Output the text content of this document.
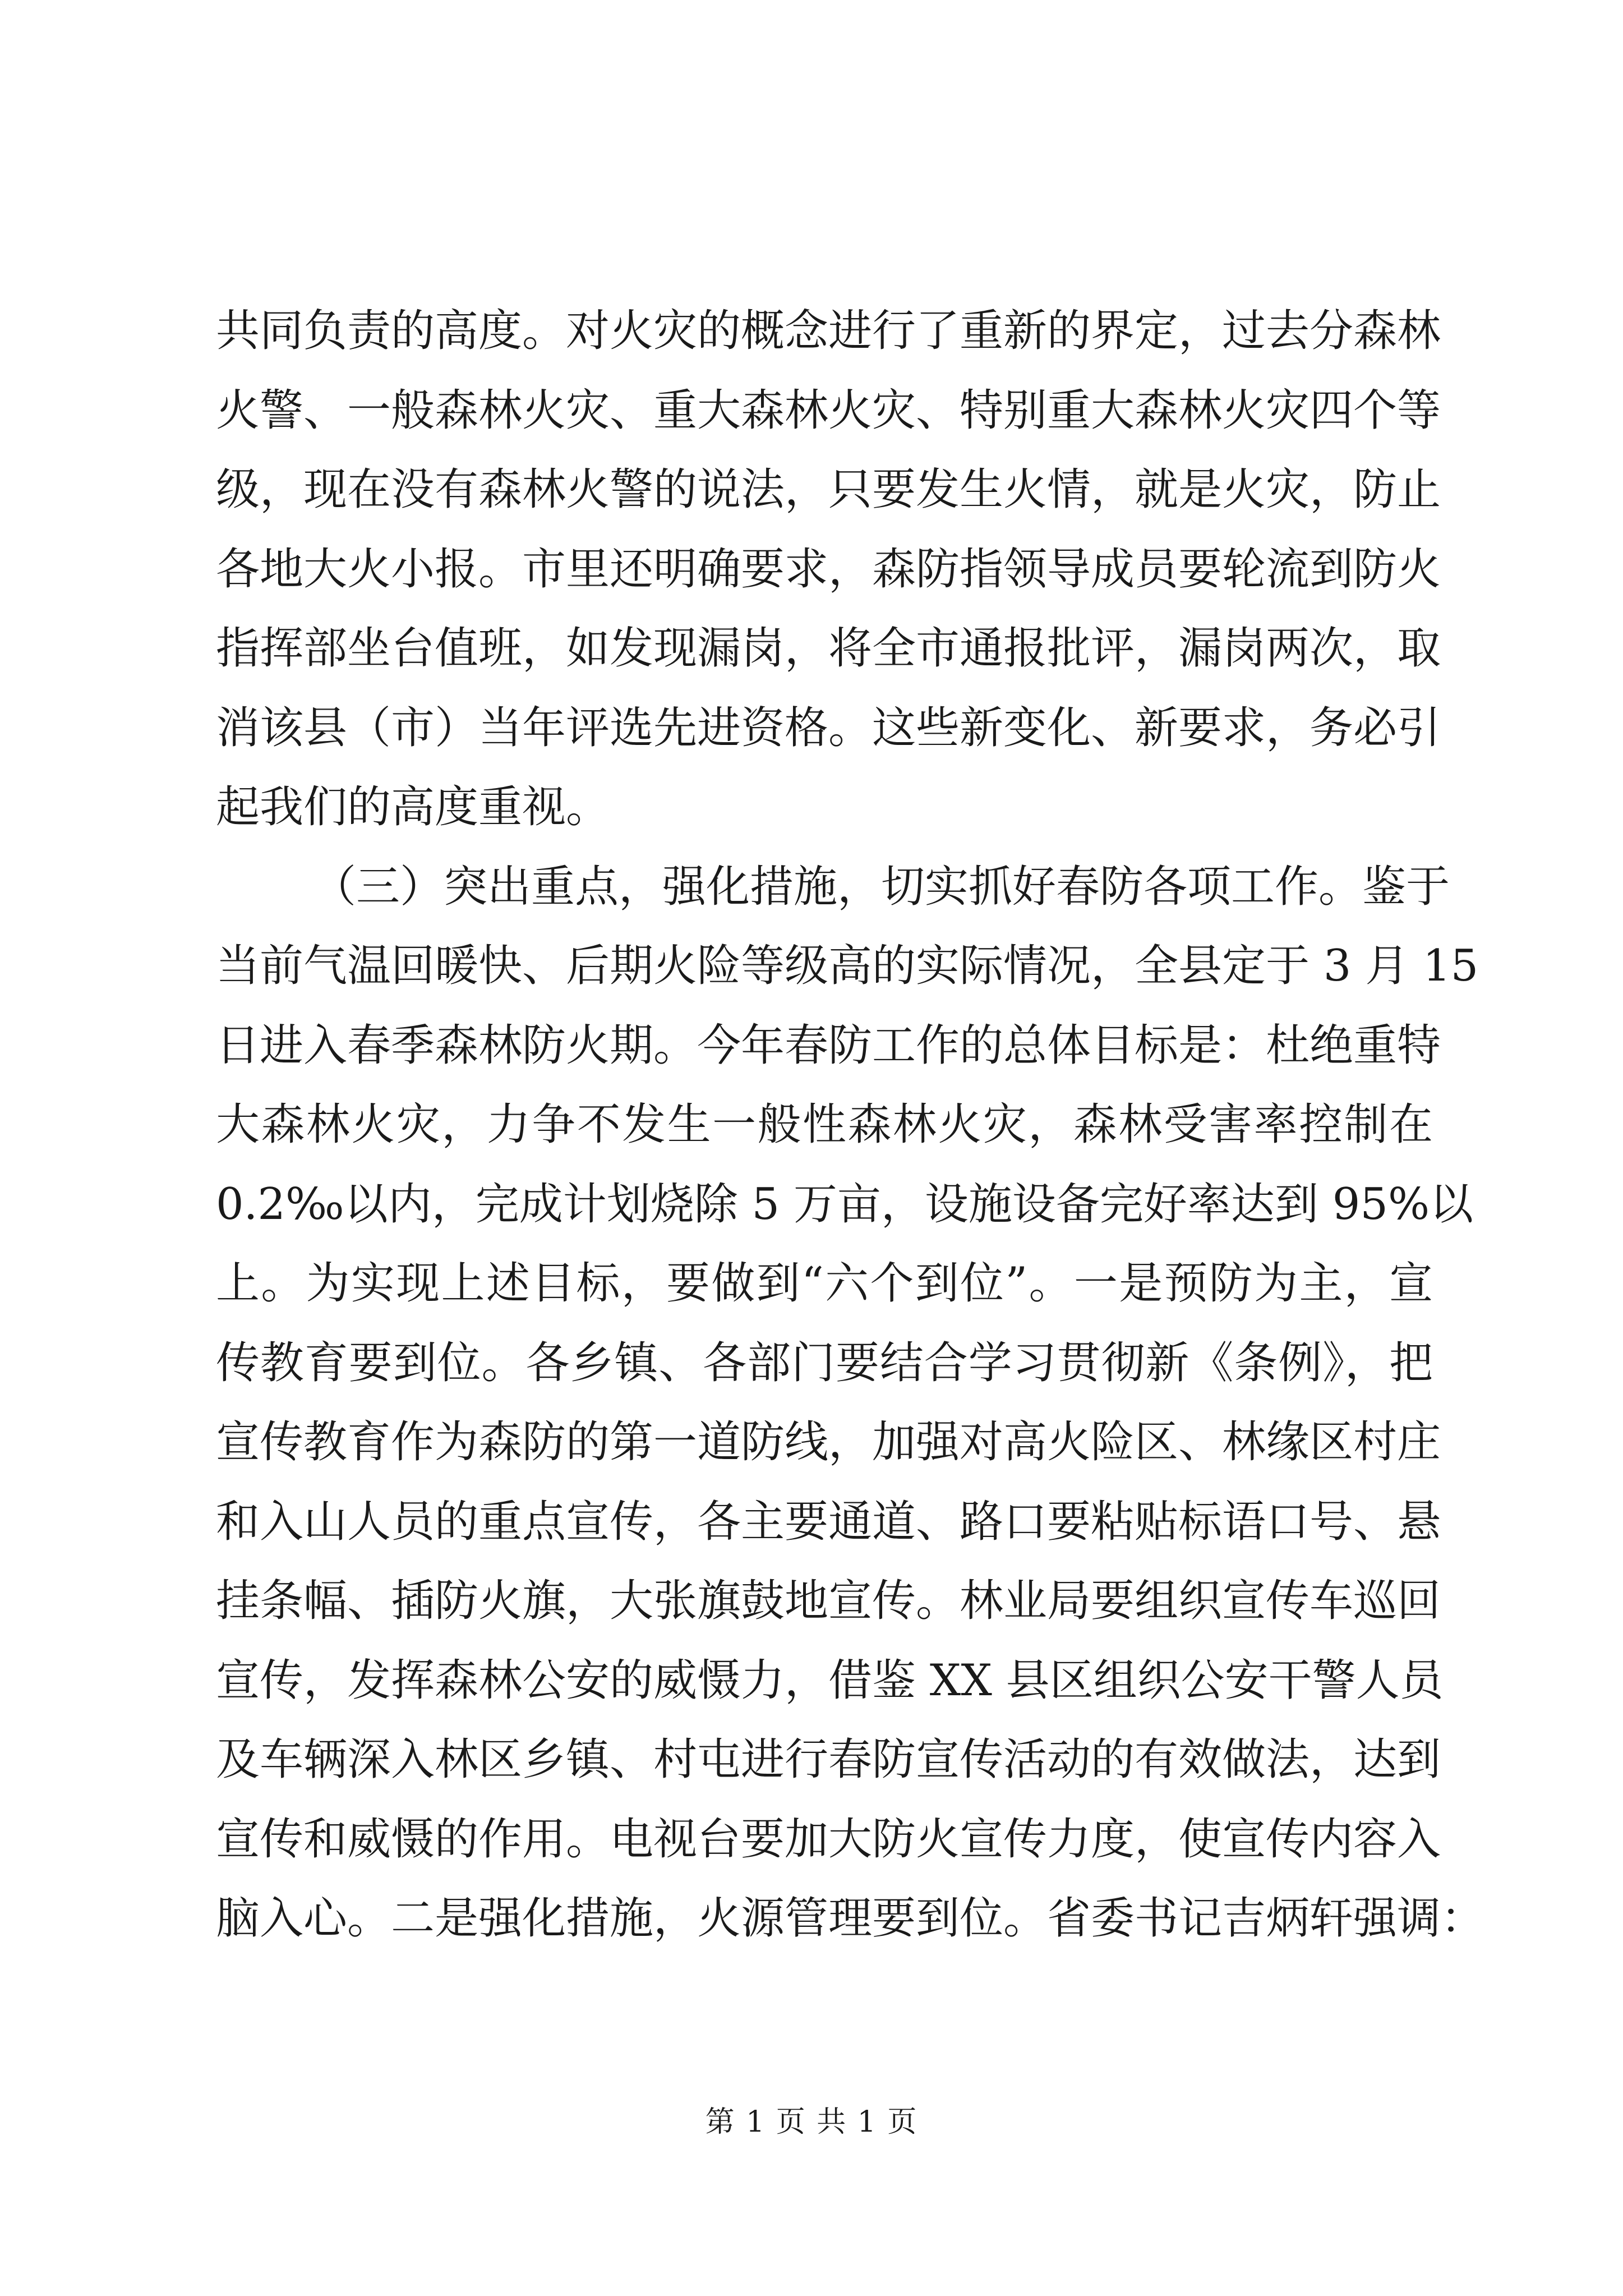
共同负责的高度。对火灾的概念进行了重新的界定，过去分森林
火警、一般森林火灾、重大森林火灾、特别重大森林火灾四个等
级，现在没有森林火警的说法，只要发生火情，就是火灾，防止
各地大火小报。市里还明确要求，森防指领导成员要轮流到防火
指挥部坐台值班，如发现漏岗，将全市通报批评，漏岗两次，取
消该县（市）当年评选先进资格。这些新变化、新要求，务必引
起我们的高度重视。
（三）突出重点，强化措施，切实抓好春防各项工作。鉴于
当前气温回暖快、后期火险等级高的实际情况，全县定于 3 月 15
日进入春季森林防火期。今年春防工作的总体目标是：杜绝重特
大森林火灾，力争不发生一般性森林火灾，森林受害率控制在
0.2‰以内，完成计划烧除 5 万亩，设施设备完好率达到 95%以
上。为实现上述目标，要做到“六个到位”。一是预防为主，宣
传教育要到位。各乡镇、各部门要结合学习贯彻新《条例》，把
宣传教育作为森防的第一道防线，加强对高火险区、林缘区村庄
和入山人员的重点宣传，各主要通道、路口要粘贴标语口号、悬
挂条幅、插防火旗，大张旗鼓地宣传。林业局要组织宣传车巡回
宣传，发挥森林公安的威慑力，借鉴 XX 县区组织公安干警人员
及车辆深入林区乡镇、村屯进行春防宣传活动的有效做法，达到
宣传和威慑的作用。电视台要加大防火宣传力度，使宣传内容入
脑入心。二是强化措施，火源管理要到位。省委书记吉炳轩强调：
第 1 页 共 1 页
